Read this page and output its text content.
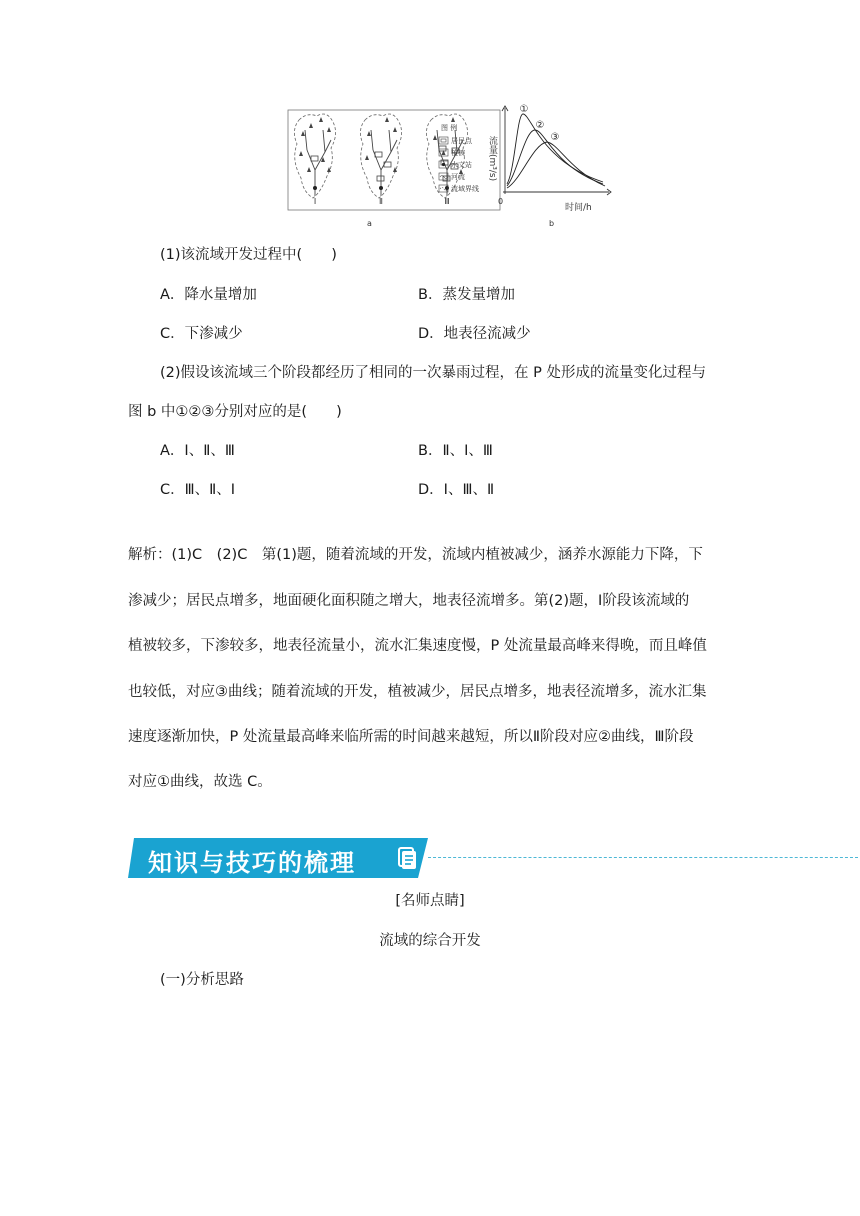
Ⅰ	Ⅱ	Ⅲ
图 例
居民点
植被
水文站
河流
流域界线
a
流量(m³/s)
0
时间/h
①
②
③
b
(1)该流域开发过程中(　　)
A．降水量增加	B．蒸发量增加
C．下渗减少	D．地表径流减少
(2)假设该流域三个阶段都经历了相同的一次暴雨过程，在 P 处形成的流量变化过程与
图 b 中①②③分别对应的是(　　)
A．Ⅰ、Ⅱ、Ⅲ	B．Ⅱ、Ⅰ、Ⅲ
C．Ⅲ、Ⅱ、Ⅰ	D．Ⅰ、Ⅲ、Ⅱ
解析：(1)C　(2)C　第(1)题，随着流域的开发，流域内植被减少，涵养水源能力下降，下
渗减少；居民点增多，地面硬化面积随之增大，地表径流增多。第(2)题，Ⅰ阶段该流域的
植被较多，下渗较多，地表径流量小，流水汇集速度慢，P 处流量最高峰来得晚，而且峰值
也较低，对应③曲线；随着流域的开发，植被减少，居民点增多，地表径流增多，流水汇集
速度逐渐加快，P 处流量最高峰来临所需的时间越来越短，所以Ⅱ阶段对应②曲线，Ⅲ阶段
对应①曲线，故选 C。
知识与技巧的梳理
[名师点睛]
流域的综合开发
(一)分析思路
